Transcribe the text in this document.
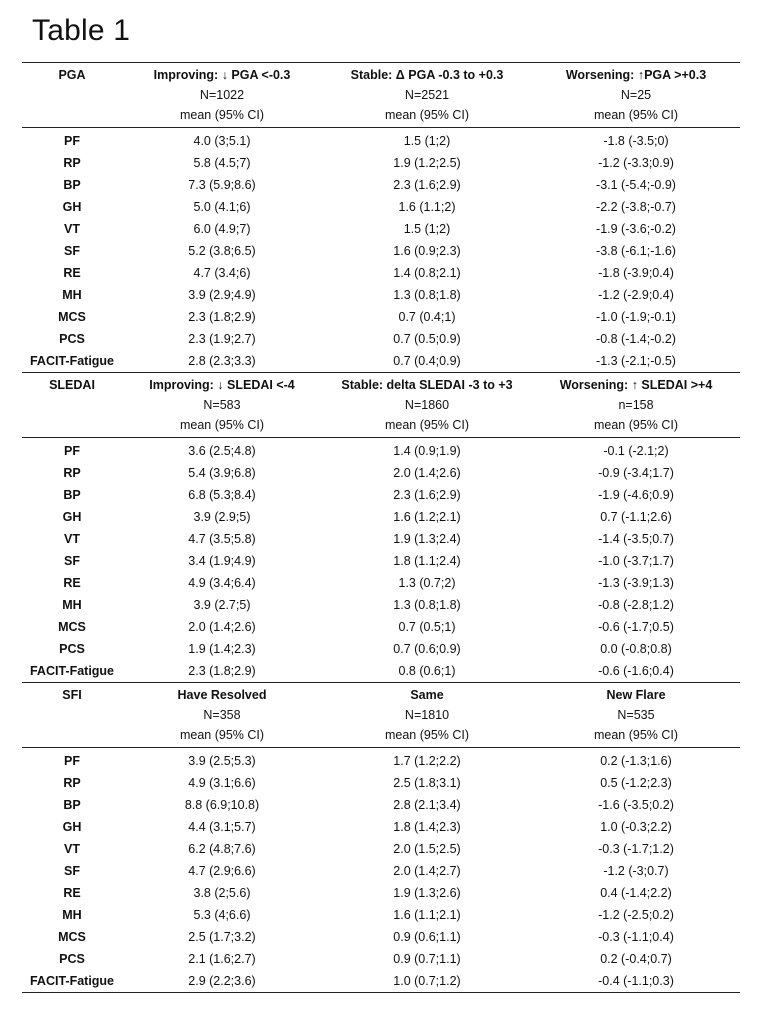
Table 1
PGA	Improving: ↓ PGA <-0.3	Stable: Δ PGA -0.3 to +0.3	Worsening: ↑PGA >+0.3
N=1022	N=2521	N=25
mean (95% CI)	mean (95% CI)	mean (95% CI)
PF	4.0 (3;5.1)	1.5 (1;2)	-1.8 (-3.5;0)
RP	5.8 (4.5;7)	1.9 (1.2;2.5)	-1.2 (-3.3;0.9)
BP	7.3 (5.9;8.6)	2.3 (1.6;2.9)	-3.1 (-5.4;-0.9)
GH	5.0 (4.1;6)	1.6 (1.1;2)	-2.2 (-3.8;-0.7)
VT	6.0 (4.9;7)	1.5 (1;2)	-1.9 (-3.6;-0.2)
SF	5.2 (3.8;6.5)	1.6 (0.9;2.3)	-3.8 (-6.1;-1.6)
RE	4.7 (3.4;6)	1.4 (0.8;2.1)	-1.8 (-3.9;0.4)
MH	3.9 (2.9;4.9)	1.3 (0.8;1.8)	-1.2 (-2.9;0.4)
MCS	2.3 (1.8;2.9)	0.7 (0.4;1)	-1.0 (-1.9;-0.1)
PCS	2.3 (1.9;2.7)	0.7 (0.5;0.9)	-0.8 (-1.4;-0.2)
FACIT-Fatigue	2.8 (2.3;3.3)	0.7 (0.4;0.9)	-1.3 (-2.1;-0.5)
SLEDAI	Improving: ↓ SLEDAI <-4	Stable: delta SLEDAI -3 to +3	Worsening: ↑ SLEDAI >+4
N=583	N=1860	n=158
mean (95% CI)	mean (95% CI)	mean (95% CI)
PF	3.6 (2.5;4.8)	1.4 (0.9;1.9)	-0.1 (-2.1;2)
RP	5.4 (3.9;6.8)	2.0 (1.4;2.6)	-0.9 (-3.4;1.7)
BP	6.8 (5.3;8.4)	2.3 (1.6;2.9)	-1.9 (-4.6;0.9)
GH	3.9 (2.9;5)	1.6 (1.2;2.1)	0.7 (-1.1;2.6)
VT	4.7 (3.5;5.8)	1.9 (1.3;2.4)	-1.4 (-3.5;0.7)
SF	3.4 (1.9;4.9)	1.8 (1.1;2.4)	-1.0 (-3.7;1.7)
RE	4.9 (3.4;6.4)	1.3 (0.7;2)	-1.3 (-3.9;1.3)
MH	3.9 (2.7;5)	1.3 (0.8;1.8)	-0.8 (-2.8;1.2)
MCS	2.0 (1.4;2.6)	0.7 (0.5;1)	-0.6 (-1.7;0.5)
PCS	1.9 (1.4;2.3)	0.7 (0.6;0.9)	0.0 (-0.8;0.8)
FACIT-Fatigue	2.3 (1.8;2.9)	0.8 (0.6;1)	-0.6 (-1.6;0.4)
SFI	Have Resolved	Same	New Flare
N=358	N=1810	N=535
mean (95% CI)	mean (95% CI)	mean (95% CI)
PF	3.9 (2.5;5.3)	1.7 (1.2;2.2)	0.2 (-1.3;1.6)
RP	4.9 (3.1;6.6)	2.5 (1.8;3.1)	0.5 (-1.2;2.3)
BP	8.8 (6.9;10.8)	2.8 (2.1;3.4)	-1.6 (-3.5;0.2)
GH	4.4 (3.1;5.7)	1.8 (1.4;2.3)	1.0 (-0.3;2.2)
VT	6.2 (4.8;7.6)	2.0 (1.5;2.5)	-0.3 (-1.7;1.2)
SF	4.7 (2.9;6.6)	2.0 (1.4;2.7)	-1.2 (-3;0.7)
RE	3.8 (2;5.6)	1.9 (1.3;2.6)	0.4 (-1.4;2.2)
MH	5.3 (4;6.6)	1.6 (1.1;2.1)	-1.2 (-2.5;0.2)
MCS	2.5 (1.7;3.2)	0.9 (0.6;1.1)	-0.3 (-1.1;0.4)
PCS	2.1 (1.6;2.7)	0.9 (0.7;1.1)	0.2 (-0.4;0.7)
FACIT-Fatigue	2.9 (2.2;3.6)	1.0 (0.7;1.2)	-0.4 (-1.1;0.3)
